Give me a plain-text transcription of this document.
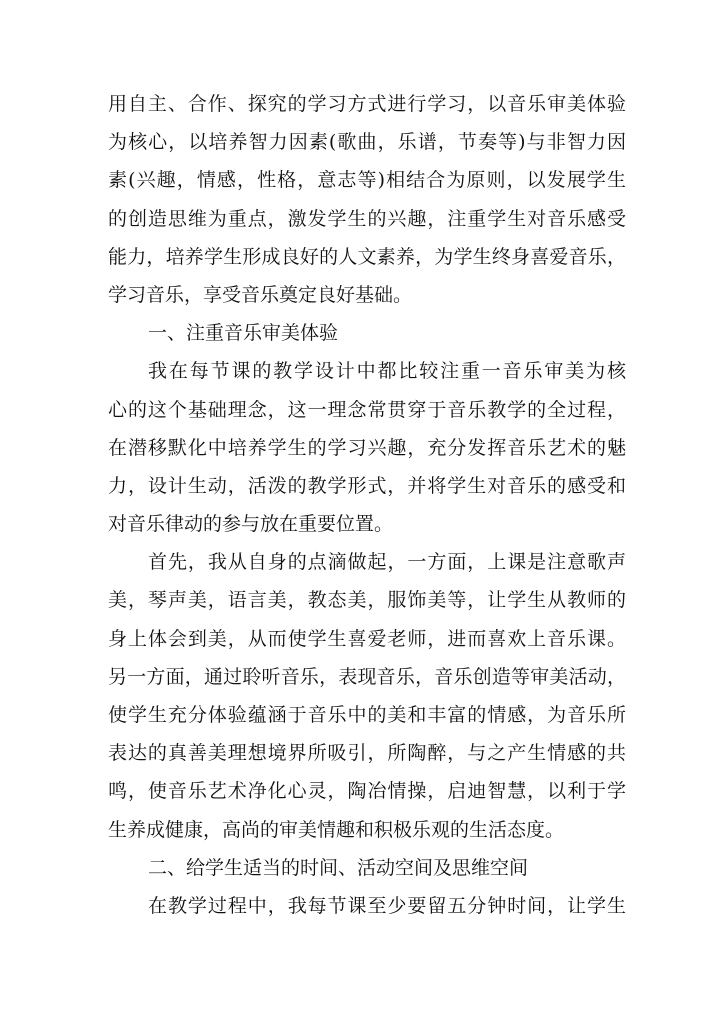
用自主、合作、探究的学习方式进行学习，以音乐审美体验
为核心，以培养智力因素(歌曲，乐谱，节奏等)与非智力因
素(兴趣，情感，性格，意志等)相结合为原则，以发展学生
的创造思维为重点，激发学生的兴趣，注重学生对音乐感受
能力，培养学生形成良好的人文素养，为学生终身喜爱音乐，
学习音乐，享受音乐奠定良好基础。
一、注重音乐审美体验
我在每节课的教学设计中都比较注重一音乐审美为核
心的这个基础理念，这一理念常贯穿于音乐教学的全过程，
在潜移默化中培养学生的学习兴趣，充分发挥音乐艺术的魅
力，设计生动，活泼的教学形式，并将学生对音乐的感受和
对音乐律动的参与放在重要位置。
首先，我从自身的点滴做起，一方面，上课是注意歌声
美，琴声美，语言美，教态美，服饰美等，让学生从教师的
身上体会到美，从而使学生喜爱老师，进而喜欢上音乐课。
另一方面，通过聆听音乐，表现音乐，音乐创造等审美活动，
使学生充分体验蕴涵于音乐中的美和丰富的情感，为音乐所
表达的真善美理想境界所吸引，所陶醉，与之产生情感的共
鸣，使音乐艺术净化心灵，陶冶情操，启迪智慧，以利于学
生养成健康，高尚的审美情趣和积极乐观的生活态度。
二、给学生适当的时间、活动空间及思维空间
在教学过程中，我每节课至少要留五分钟时间，让学生
